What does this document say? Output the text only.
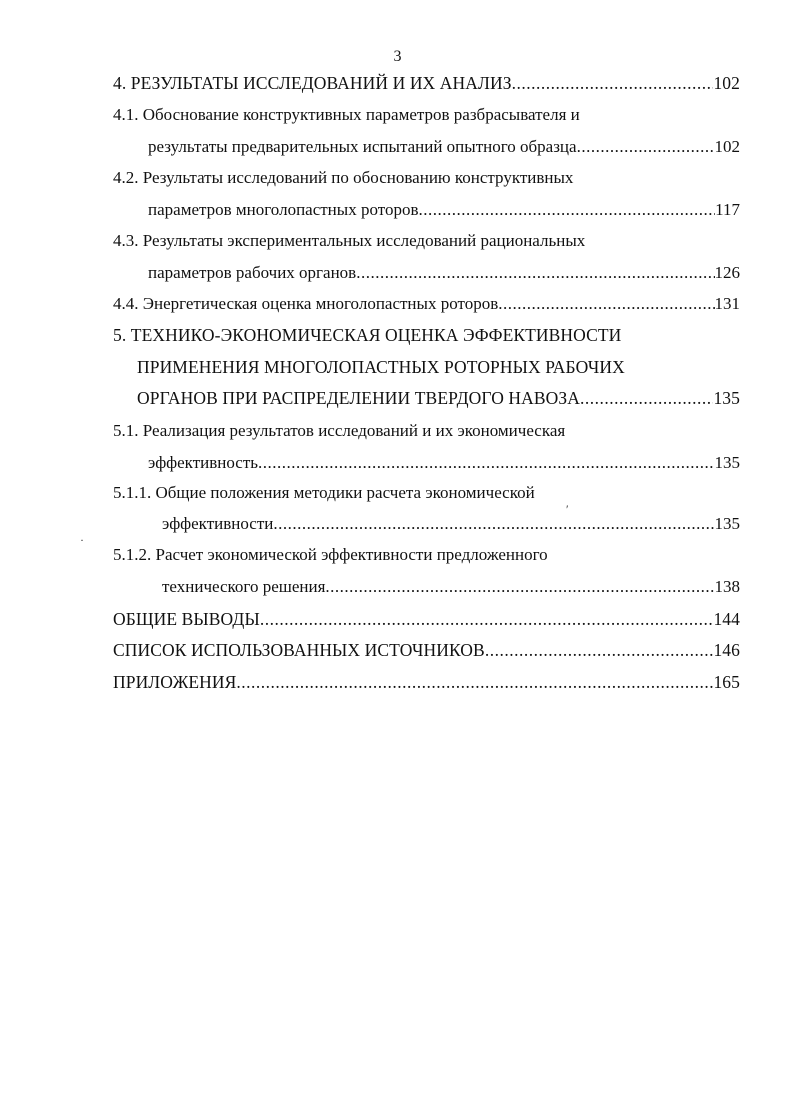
3
4. РЕЗУЛЬТАТЫ ИССЛЕДОВАНИЙ И ИХ АНАЛИЗ .....	102
4.1. Обоснование конструктивных параметров разбрасывателя и
результаты предварительных испытаний опытного образца .....	102
4.2. Результаты исследований по обоснованию конструктивных
параметров многолопастных роторов .....	117
4.3. Результаты экспериментальных исследований рациональных
параметров рабочих органов .....	126
4.4. Энергетическая оценка многолопастных роторов .....	131
5. ТЕХНИКО-ЭКОНОМИЧЕСКАЯ ОЦЕНКА ЭФФЕКТИВНОСТИ
ПРИМЕНЕНИЯ МНОГОЛОПАСТНЫХ РОТОРНЫХ РАБОЧИХ
ОРГАНОВ ПРИ РАСПРЕДЕЛЕНИИ ТВЕРДОГО НАВОЗА .....	135
5.1. Реализация результатов исследований и их экономическая
эффективность .....	135
5.1.1. Общие положения методики расчета экономической
эффективности .....	135
5.1.2. Расчет экономической эффективности предложенного
технического решения .....	138
ОБЩИЕ ВЫВОДЫ .....	144
СПИСОК ИСПОЛЬЗОВАННЫХ ИСТОЧНИКОВ .....	146
ПРИЛОЖЕНИЯ .....	165
·
′
